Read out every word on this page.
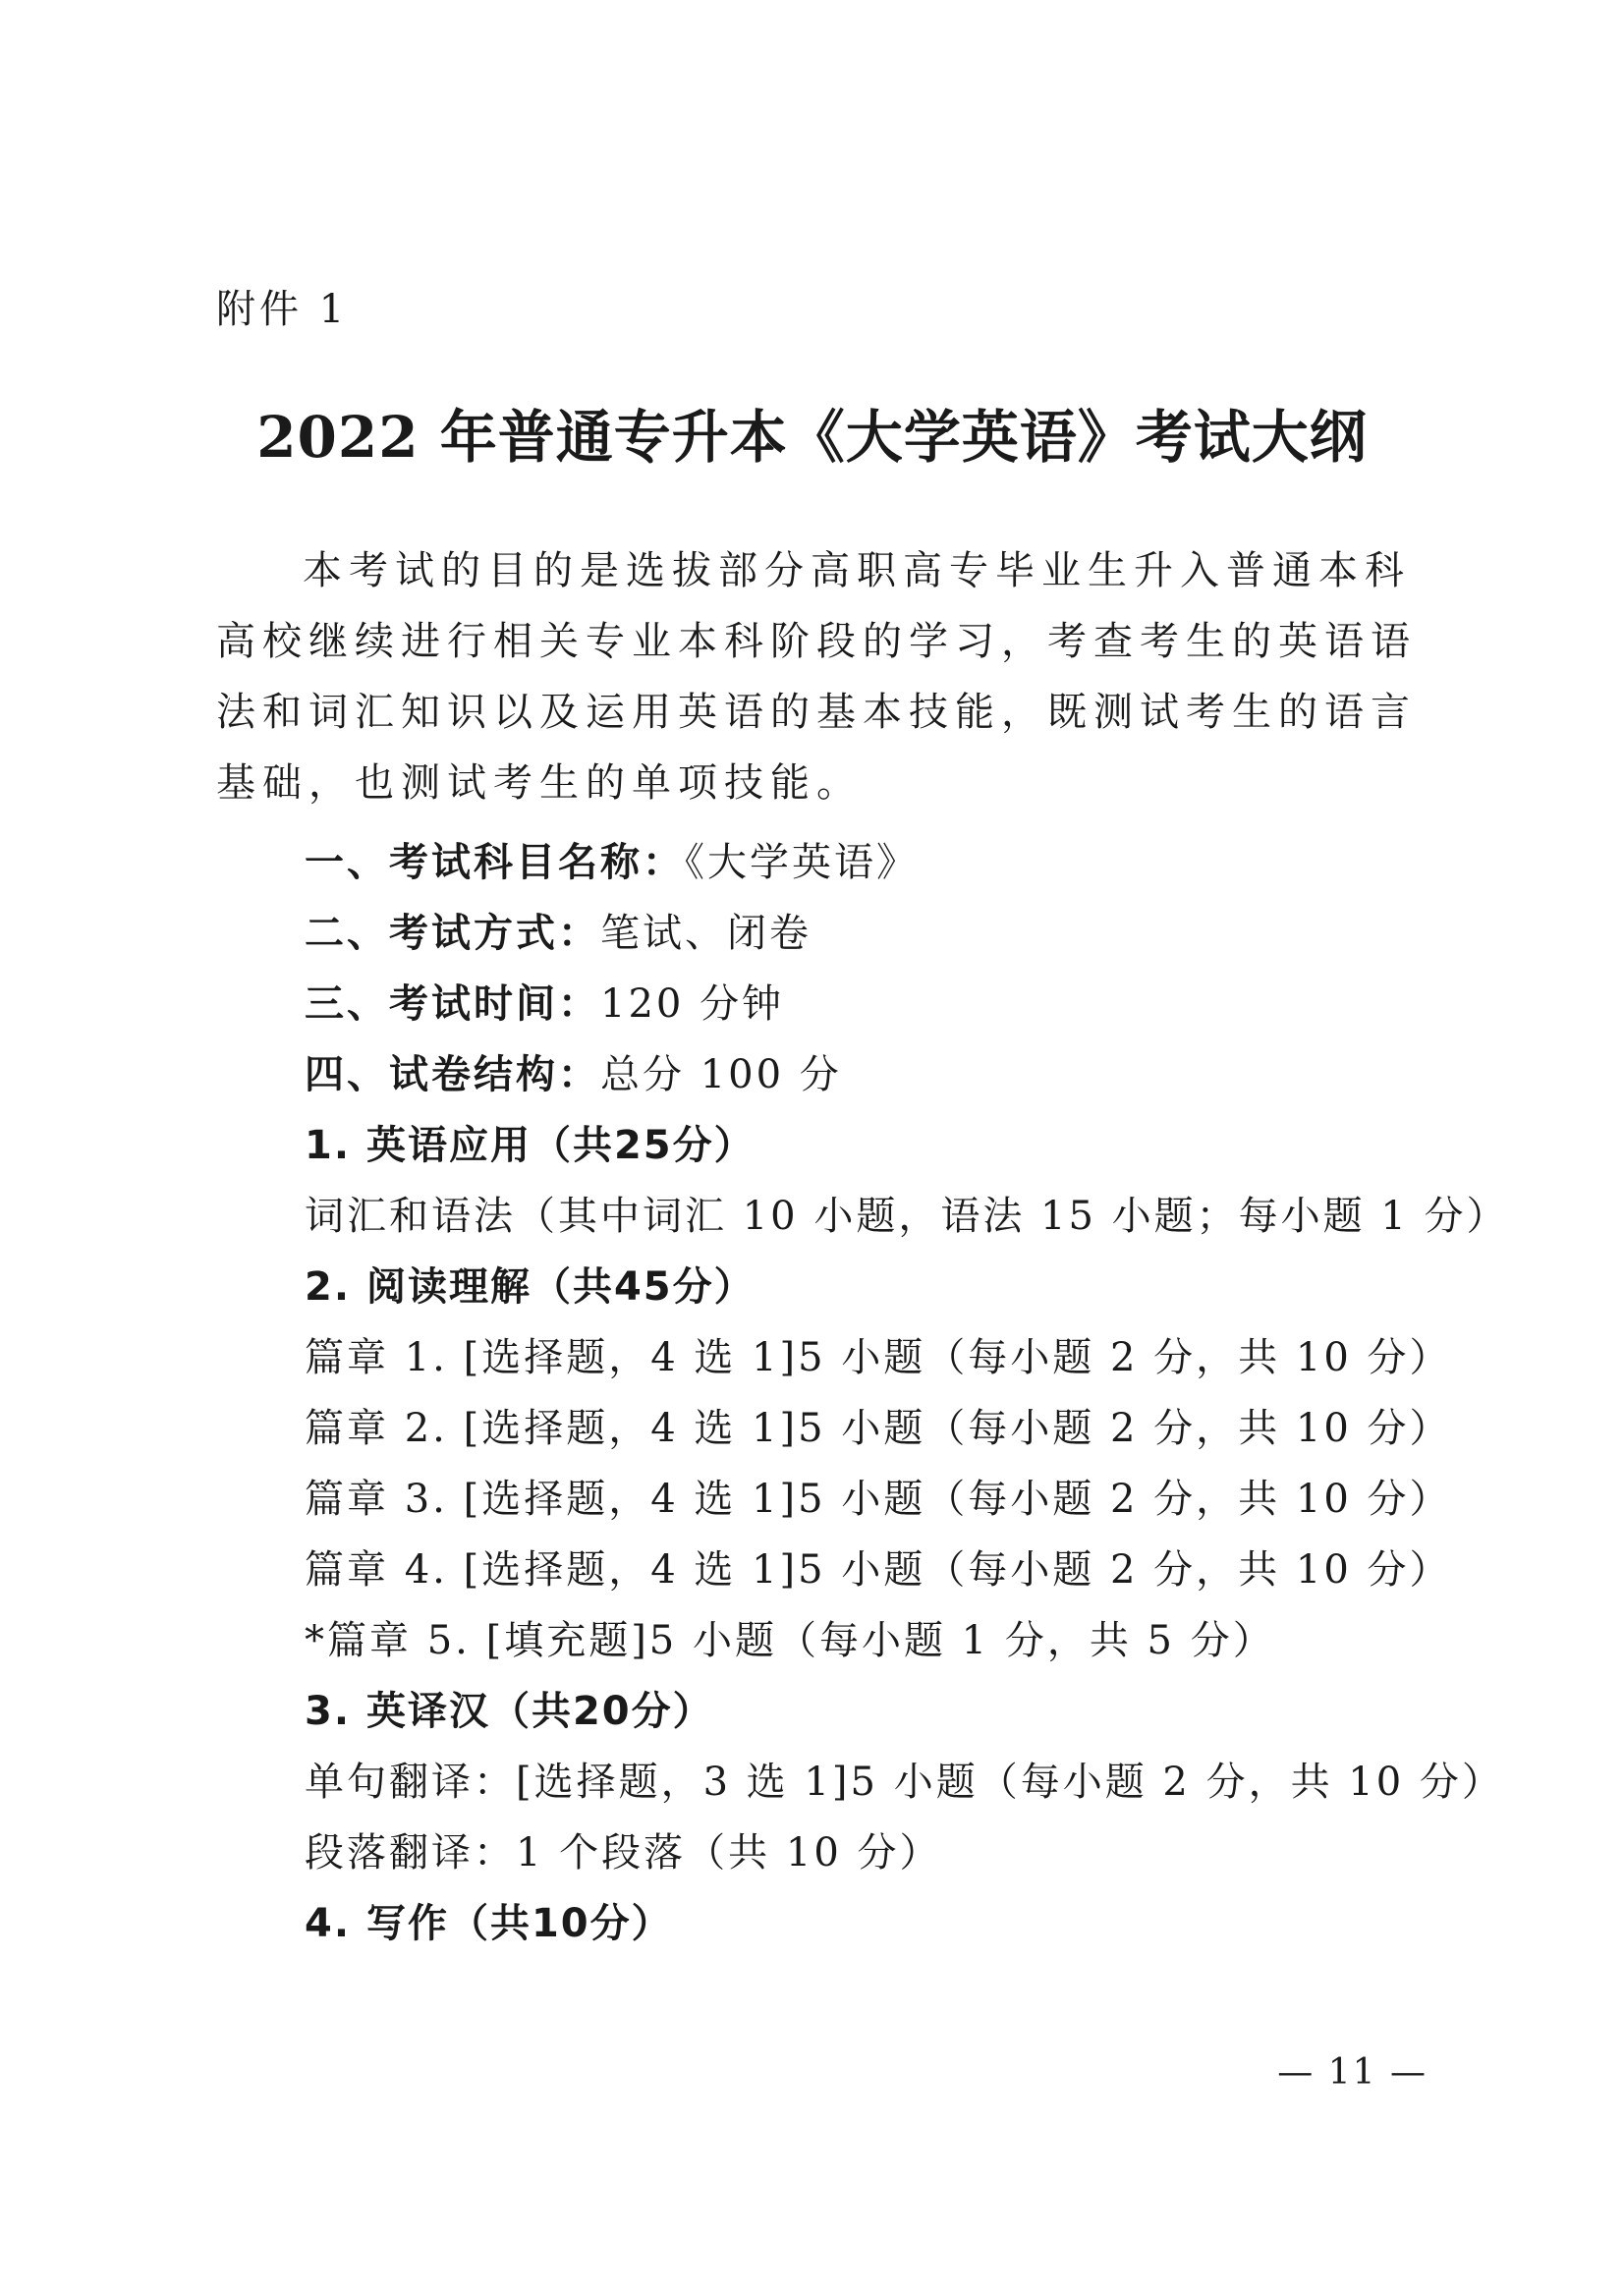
附件 1
2022 年普通专升本《大学英语》考试大纲

本考试的目的是选拔部分高职高专毕业生升入普通本科高校继续进行相关专业本科阶段的学习，考查考生的英语语法和词汇知识以及运用英语的基本技能，既测试考生的语言基础，也测试考生的单项技能。

一、考试科目名称：《大学英语》
二、考试方式：笔试、闭卷
三、考试时间：120 分钟
四、试卷结构：总分 100 分
1. 英语应用（共25分）
词汇和语法（其中词汇 10 小题，语法 15 小题；每小题 1 分）
2. 阅读理解（共45分）
篇章 1. [选择题，4 选 1]5 小题（每小题 2 分，共 10 分）
篇章 2. [选择题，4 选 1]5 小题（每小题 2 分，共 10 分）
篇章 3. [选择题，4 选 1]5 小题（每小题 2 分，共 10 分）
篇章 4. [选择题，4 选 1]5 小题（每小题 2 分，共 10 分）
*篇章 5. [填充题]5 小题（每小题 1 分，共 5 分）
3. 英译汉（共20分）
单句翻译：[选择题，3 选 1]5 小题（每小题 2 分，共 10 分）
段落翻译：1 个段落（共 10 分）
4. 写作（共10分）
— 11 —
